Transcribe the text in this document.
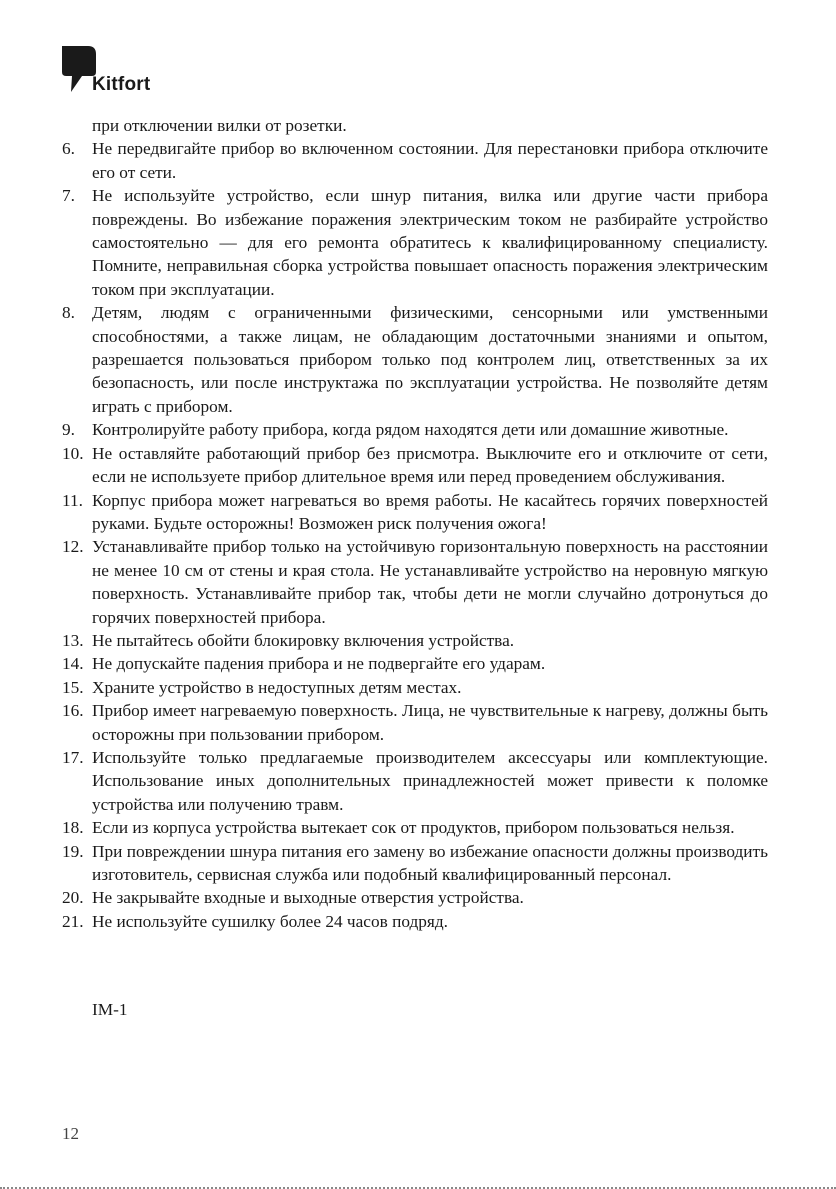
Kitfort

при отключении вилки от розетки.

6. Не передвигайте прибор во включенном состоянии. Для перестановки прибора отключите его от сети.
7. Не используйте устройство, если шнур питания, вилка или другие части прибора повреждены. Во избежание поражения электрическим током не разбирайте устройство самостоятельно — для его ремонта обратитесь к квалифицированному специалисту. Помните, неправильная сборка устройства повышает опасность поражения электрическим током при эксплуатации.
8. Детям, людям с ограниченными физическими, сенсорными или умственными способностями, а также лицам, не обладающим достаточными знаниями и опытом, разрешается пользоваться прибором только под контролем лиц, ответственных за их безопасность, или после инструктажа по эксплуатации устройства. Не позволяйте детям играть с прибором.
9. Контролируйте работу прибора, когда рядом находятся дети или домашние животные.
10. Не оставляйте работающий прибор без присмотра. Выключите его и отключите от сети, если не используете прибор длительное время или перед проведением обслуживания.
11. Корпус прибора может нагреваться во время работы. Не касайтесь горячих поверхностей руками. Будьте осторожны! Возможен риск получения ожога!
12. Устанавливайте прибор только на устойчивую горизонтальную поверхность на расстоянии не менее 10 см от стены и края стола. Не устанавливайте устройство на неровную мягкую поверхность. Устанавливайте прибор так, чтобы дети не могли случайно дотронуться до горячих поверхностей прибора.
13. Не пытайтесь обойти блокировку включения устройства.
14. Не допускайте падения прибора и не подвергайте его ударам.
15. Храните устройство в недоступных детям местах.
16. Прибор имеет нагреваемую поверхность. Лица, не чувствительные к нагреву, должны быть осторожны при пользовании прибором.
17. Используйте только предлагаемые производителем аксессуары или комплектующие. Использование иных дополнительных принадлежностей может привести к поломке устройства или получению травм.
18. Если из корпуса устройства вытекает сок от продуктов, прибором пользоваться нельзя.
19. При повреждении шнура питания его замену во избежание опасности должны производить изготовитель, сервисная служба или подобный квалифицированный персонал.
20. Не закрывайте входные и выходные отверстия устройства.
21. Не используйте сушилку более 24 часов подряд.
IM-1
12
